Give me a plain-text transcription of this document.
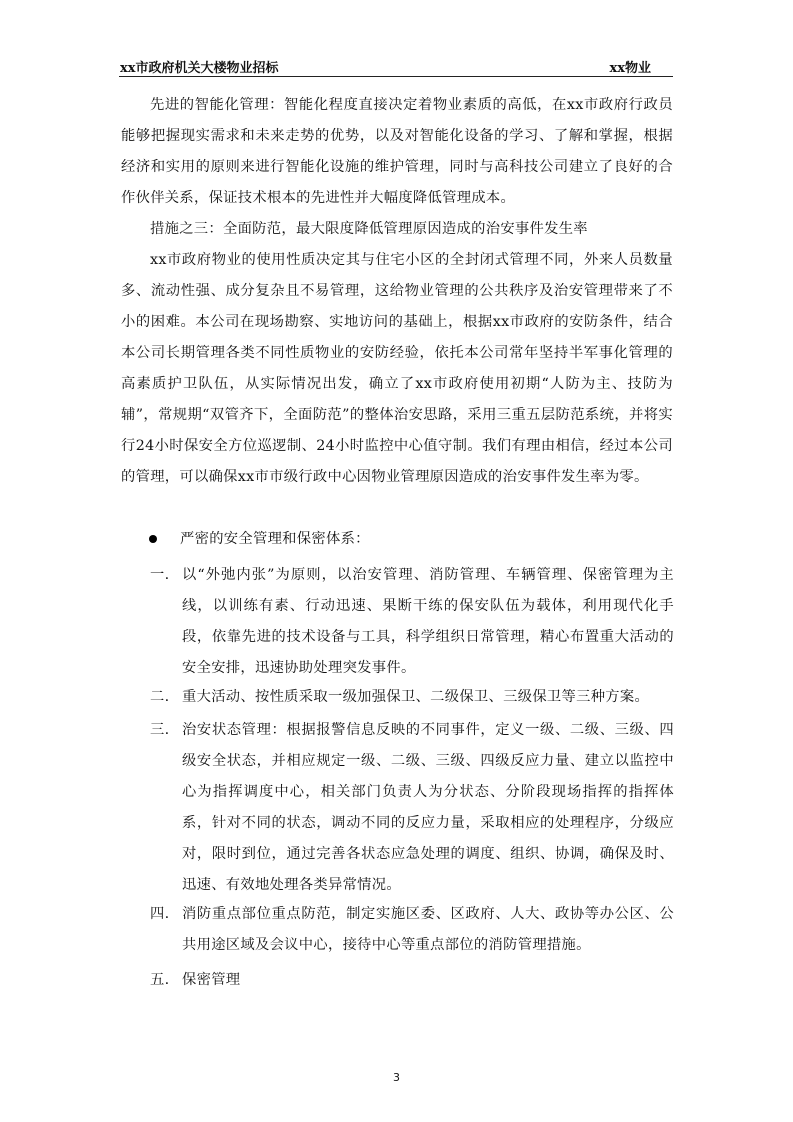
xx市政府机关大楼物业招标	xx物业

先进的智能化管理：智能化程度直接决定着物业素质的高低，在xx市政府行政员能够把握现实需求和未来走势的优势，以及对智能化设备的学习、了解和掌握，根据经济和实用的原则来进行智能化设施的维护管理，同时与高科技公司建立了良好的合作伙伴关系，保证技术根本的先进性并大幅度降低管理成本。

措施之三：全面防范，最大限度降低管理原因造成的治安事件发生率

xx市政府物业的使用性质决定其与住宅小区的全封闭式管理不同，外来人员数量多、流动性强、成分复杂且不易管理，这给物业管理的公共秩序及治安管理带来了不小的困难。本公司在现场勘察、实地访问的基础上，根据xx市政府的安防条件，结合本公司长期管理各类不同性质物业的安防经验，依托本公司常年坚持半军事化管理的高素质护卫队伍，从实际情况出发，确立了xx市政府使用初期“人防为主、技防为辅”，常规期“双管齐下，全面防范”的整体治安思路，采用三重五层防范系统，并将实行24小时保安全方位巡逻制、24小时监控中心值守制。我们有理由相信，经过本公司的管理，可以确保xx市市级行政中心因物业管理原因造成的治安事件发生率为零。

严密的安全管理和保密体系：
一. 以“外弛内张”为原则，以治安管理、消防管理、车辆管理、保密管理为主线，以训练有素、行动迅速、果断干练的保安队伍为载体，利用现代化手段，依靠先进的技术设备与工具，科学组织日常管理，精心布置重大活动的安全安排，迅速协助处理突发事件。
二. 重大活动、按性质采取一级加强保卫、二级保卫、三级保卫等三种方案。
三. 治安状态管理：根据报警信息反映的不同事件，定义一级、二级、三级、四级安全状态，并相应规定一级、二级、三级、四级反应力量、建立以监控中心为指挥调度中心，相关部门负责人为分状态、分阶段现场指挥的指挥体系，针对不同的状态，调动不同的反应力量，采取相应的处理程序，分级应对，限时到位，通过完善各状态应急处理的调度、组织、协调，确保及时、迅速、有效地处理各类异常情况。
四. 消防重点部位重点防范，制定实施区委、区政府、人大、政协等办公区、公共用途区域及会议中心，接待中心等重点部位的消防管理措施。
五. 保密管理
3
